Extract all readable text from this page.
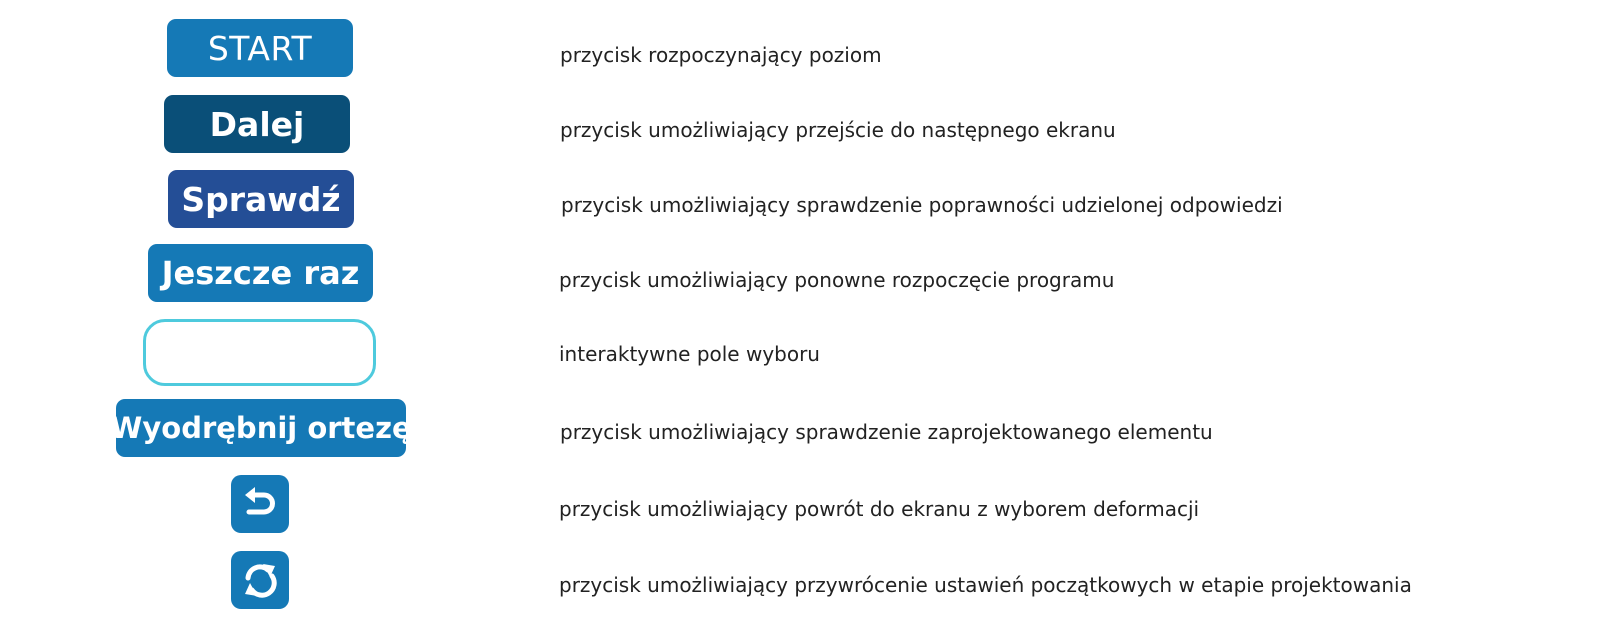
START
Dalej
Sprawdź
Jeszcze raz
Wyodrębnij ortezę
przycisk rozpoczynający poziom
przycisk umożliwiający przejście do następnego ekranu
przycisk umożliwiający sprawdzenie poprawności udzielonej odpowiedzi
przycisk umożliwiający ponowne rozpoczęcie programu
interaktywne pole wyboru
przycisk umożliwiający sprawdzenie zaprojektowanego elementu
przycisk umożliwiający powrót do ekranu z wyborem deformacji
przycisk umożliwiający przywrócenie ustawień początkowych w etapie projektowania
